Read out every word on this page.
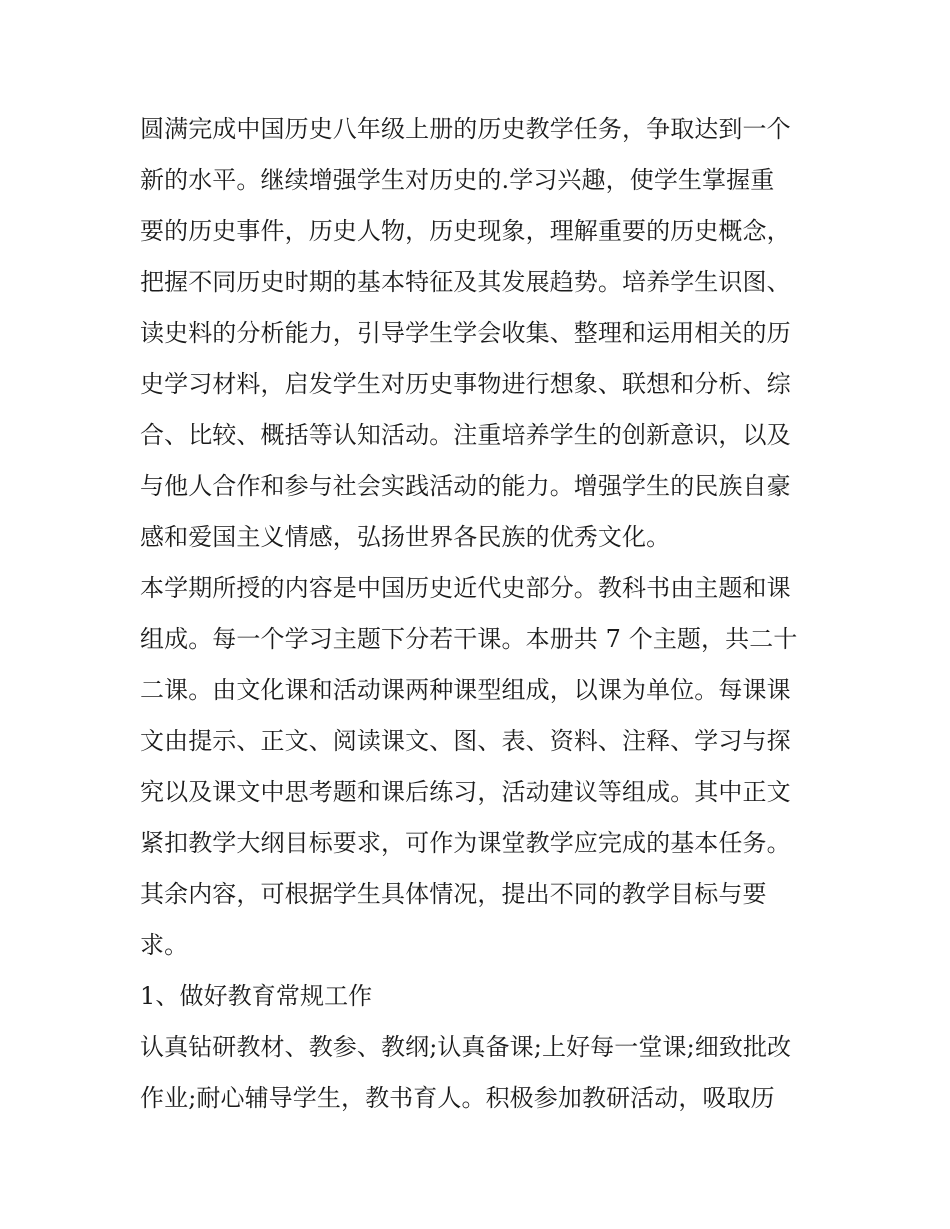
圆满完成中国历史八年级上册的历史教学任务，争取达到一个
新的水平。继续增强学生对历史的.学习兴趣，使学生掌握重
要的历史事件，历史人物，历史现象，理解重要的历史概念，
把握不同历史时期的基本特征及其发展趋势。培养学生识图、
读史料的分析能力，引导学生学会收集、整理和运用相关的历
史学习材料，启发学生对历史事物进行想象、联想和分析、综
合、比较、概括等认知活动。注重培养学生的创新意识，以及
与他人合作和参与社会实践活动的能力。增强学生的民族自豪
感和爱国主义情感，弘扬世界各民族的优秀文化。
本学期所授的内容是中国历史近代史部分。教科书由主题和课
组成。每一个学习主题下分若干课。本册共 7 个主题，共二十
二课。由文化课和活动课两种课型组成，以课为单位。每课课
文由提示、正文、阅读课文、图、表、资料、注释、学习与探
究以及课文中思考题和课后练习，活动建议等组成。其中正文
紧扣教学大纲目标要求，可作为课堂教学应完成的基本任务。
其余内容，可根据学生具体情况，提出不同的教学目标与要
求。
1、做好教育常规工作
认真钻研教材、教参、教纲;认真备课;上好每一堂课;细致批改
作业;耐心辅导学生，教书育人。积极参加教研活动，吸取历
